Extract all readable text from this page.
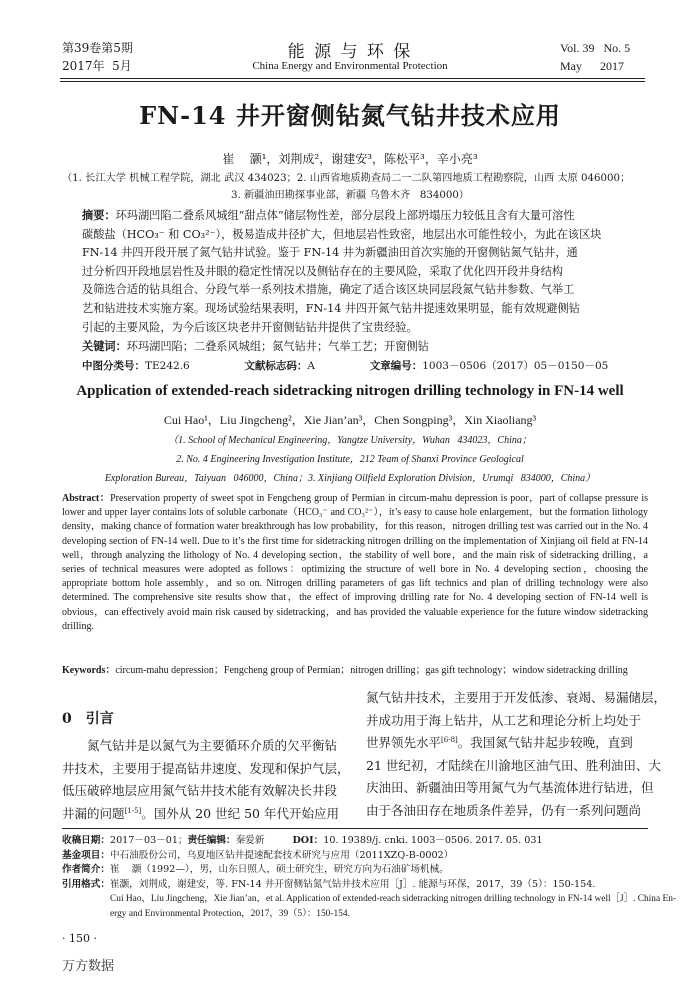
第39卷第5期
2017年  5月
能 源 与 环 保
China Energy and Environmental Protection
Vol. 39   No. 5
May      2017
FN-14 井开窗侧钻氮气钻井技术应用
崔    灏¹，刘荆成²，谢建安³，陈松平³，辛小亮³
（1. 长江大学 机械工程学院，湖北 武汉 434023；2. 山西省地质勘查局二一二队第四地质工程勘察院，山西 太原 046000；
3. 新疆油田勘探事业部，新疆 乌鲁木齐   834000）
摘要：环玛湖凹陷二叠系风城组“甜点体”储层物性差，部分层段上部坍塌压力较低且含有大量可溶性
碳酸盐（HCO₃⁻ 和 CO₃²⁻），极易造成井径扩大，但地层岩性致密，地层出水可能性较小，为此在该区块
FN-14 井四开段开展了氮气钻井试验。鉴于 FN-14 井为新疆油田首次实施的开窗侧钻氮气钻井，通
过分析四开段地层岩性及井眼的稳定性情况以及侧钻存在的主要风险，采取了优化四开段井身结构
及筛选合适的钻具组合、分段气举一系列技术措施，确定了适合该区块同层段氮气钻井参数、气举工
艺和钻进技术实施方案。现场试验结果表明，FN-14 井四开氮气钻井提速效果明显，能有效规避侧钻
引起的主要风险，为今后该区块老井开窗侧钻钻井提供了宝贵经验。
关键词：环玛湖凹陷；二叠系风城组；氮气钻井；气举工艺；开窗侧钻
中图分类号：TE242.6	文献标志码：A	文章编号：1003－0506（2017）05－0150－05
Application of extended-reach sidetracking nitrogen drilling technology in FN-14 well
Cui Hao¹，Liu Jingcheng²，Xie Jian’an³，Chen Songping³，Xin Xiaoliang³
（1. School of Mechanical Engineering，Yangtze University，Wuhan   434023，China；
2. No. 4 Engineering Investigation Institute，212 Team of Shanxi Province Geological
Exploration Bureau，Taiyuan   046000，China；3. Xinjiang Oilfield Exploration Division，Urumqi   834000，China）
Abstract：Preservation property of sweet spot in Fengcheng group of Permian in circum-mahu depression is poor，part of collapse pressure is lower and upper layer contains lots of soluble carbonate（HCO₃⁻ and CO₃²⁻），it’s easy to cause hole enlargement，but the formation lithology density，making chance of formation water breakthrough has low probability，for this reason，nitrogen drilling test was carried out in the No. 4 developing section of FN-14 well. Due to it’s the first time for sidetracking nitrogen drilling on the implementation of Xinjiang oil field at FN-14 well，through analyzing the lithology of No. 4 developing section，the stability of well bore，and the main risk of sidetracking drilling，a series of technical measures were adopted as follows：optimizing the structure of well bore in No. 4 developing section，choosing the appropriate bottom hole assembly，and so on. Nitrogen drilling parameters of gas lift technics and plan of drilling technology were also determined. The comprehensive site results show that，the effect of improving drilling rate for No. 4 developing section of FN-14 well is obvious，can effectively avoid main risk caused by sidetracking，and has provided the valuable experience for the future window sidetracking drilling.
Keywords：circum-mahu depression；Fengcheng group of Permian；nitrogen drilling；gas gift technology；window sidetracking drilling
0 引言
氮气钻井是以氮气为主要循环介质的欠平衡钻
井技术，主要用于提高钻井速度、发现和保护气层，
低压破碎地层应用氮气钻井技术能有效解决长井段
井漏的问题[1-5]。国外从 20 世纪 50 年代开始应用
氮气钻井技术，主要用于开发低渗、衰竭、易漏储层，
并成功用于海上钻井，从工艺和理论分析上均处于
世界领先水平[6-8]。我国氮气钻井起步较晚，直到
21 世纪初，才陆续在川渝地区油气田、胜利油田、大
庆油田、新疆油田等用氮气为气基流体进行钻进，但
由于各油田存在地质条件差异，仍有一系列问题尚
收稿日期：2017－03－01；责任编辑：秦爱新	DOI：10. 19389/j. cnki. 1003－0506. 2017. 05. 031
基金项目：中石油股份公司，乌夏地区钻井提速配套技术研究与应用（2011XZQ-B-0002）
作者简介：崔    灏（1992—），男，山东日照人，硕士研究生，研究方向为石油矿场机械。
引用格式：崔灏，刘荆成，谢建安，等. FN-14 井开窗侧钻氮气钻井技术应用［J］. 能源与环保，2017，39（5）：150-154.
Cui Hao，Liu Jingcheng，Xie Jian’an，et al. Application of extended-reach sidetracking nitrogen drilling technology in FN-14 well［J］. China En-
ergy and Environmental Protection，2017，39（5）：150-154.
· 150 ·
万方数据
